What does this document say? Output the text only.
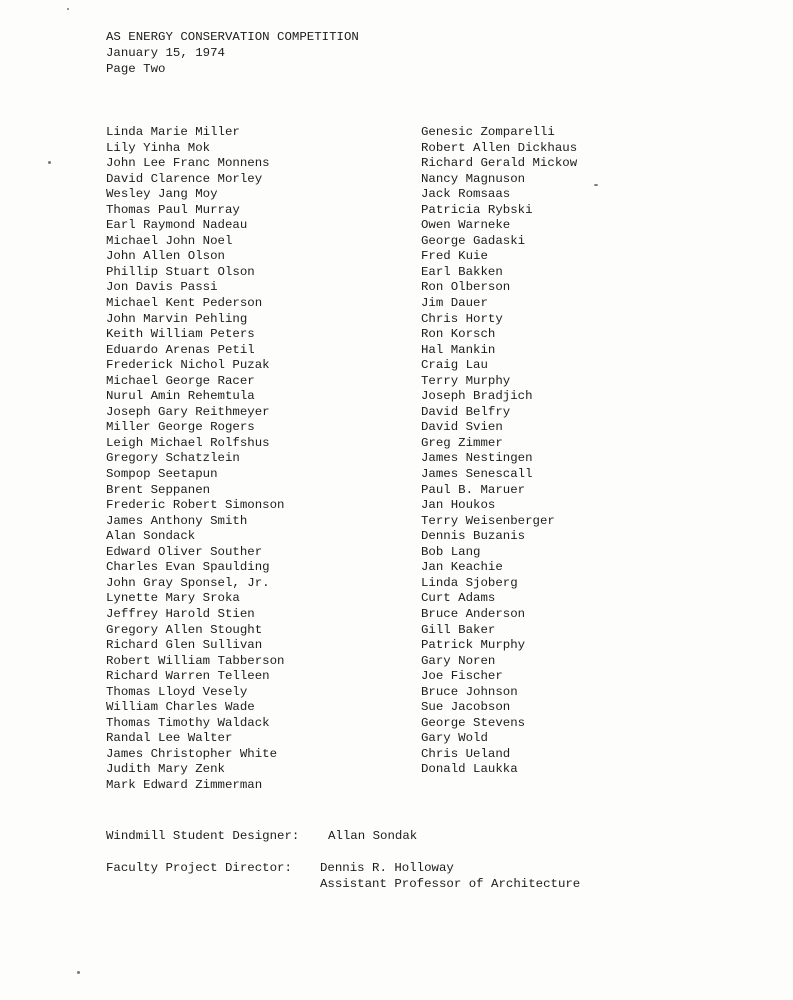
AS ENERGY CONSERVATION COMPETITION
January 15, 1974
Page Two
Linda Marie Miller
Lily Yinha Mok
John Lee Franc Monnens
David Clarence Morley
Wesley Jang Moy
Thomas Paul Murray
Earl Raymond Nadeau
Michael John Noel
John Allen Olson
Phillip Stuart Olson
Jon Davis Passi
Michael Kent Pederson
John Marvin Pehling
Keith William Peters
Eduardo Arenas Petil
Frederick Nichol Puzak
Michael George Racer
Nurul Amin Rehemtula
Joseph Gary Reithmeyer
Miller George Rogers
Leigh Michael Rolfshus
Gregory Schatzlein
Sompop Seetapun
Brent Seppanen
Frederic Robert Simonson
James Anthony Smith
Alan Sondack
Edward Oliver Souther
Charles Evan Spaulding
John Gray Sponsel, Jr.
Lynette Mary Sroka
Jeffrey Harold Stien
Gregory Allen Stought
Richard Glen Sullivan
Robert William Tabberson
Richard Warren Telleen
Thomas Lloyd Vesely
William Charles Wade
Thomas Timothy Waldack
Randal Lee Walter
James Christopher White
Judith Mary Zenk
Mark Edward Zimmerman
Genesic Zomparelli
Robert Allen Dickhaus
Richard Gerald Mickow
Nancy Magnuson
Jack Romsaas
Patricia Rybski
Owen Warneke
George Gadaski
Fred Kuie
Earl Bakken
Ron Olberson
Jim Dauer
Chris Horty
Ron Korsch
Hal Mankin
Craig Lau
Terry Murphy
Joseph Bradjich
David Belfry
David Svien
Greg Zimmer
James Nestingen
James Senescall
Paul B. Maruer
Jan Houkos
Terry Weisenberger
Dennis Buzanis
Bob Lang
Jan Keachie
Linda Sjoberg
Curt Adams
Bruce Anderson
Gill Baker
Patrick Murphy
Gary Noren
Joe Fischer
Bruce Johnson
Sue Jacobson
George Stevens
Gary Wold
Chris Ueland
Donald Laukka
Windmill Student Designer: Allan Sondak
Faculty Project Director: Dennis R. Holloway
Assistant Professor of Architecture
